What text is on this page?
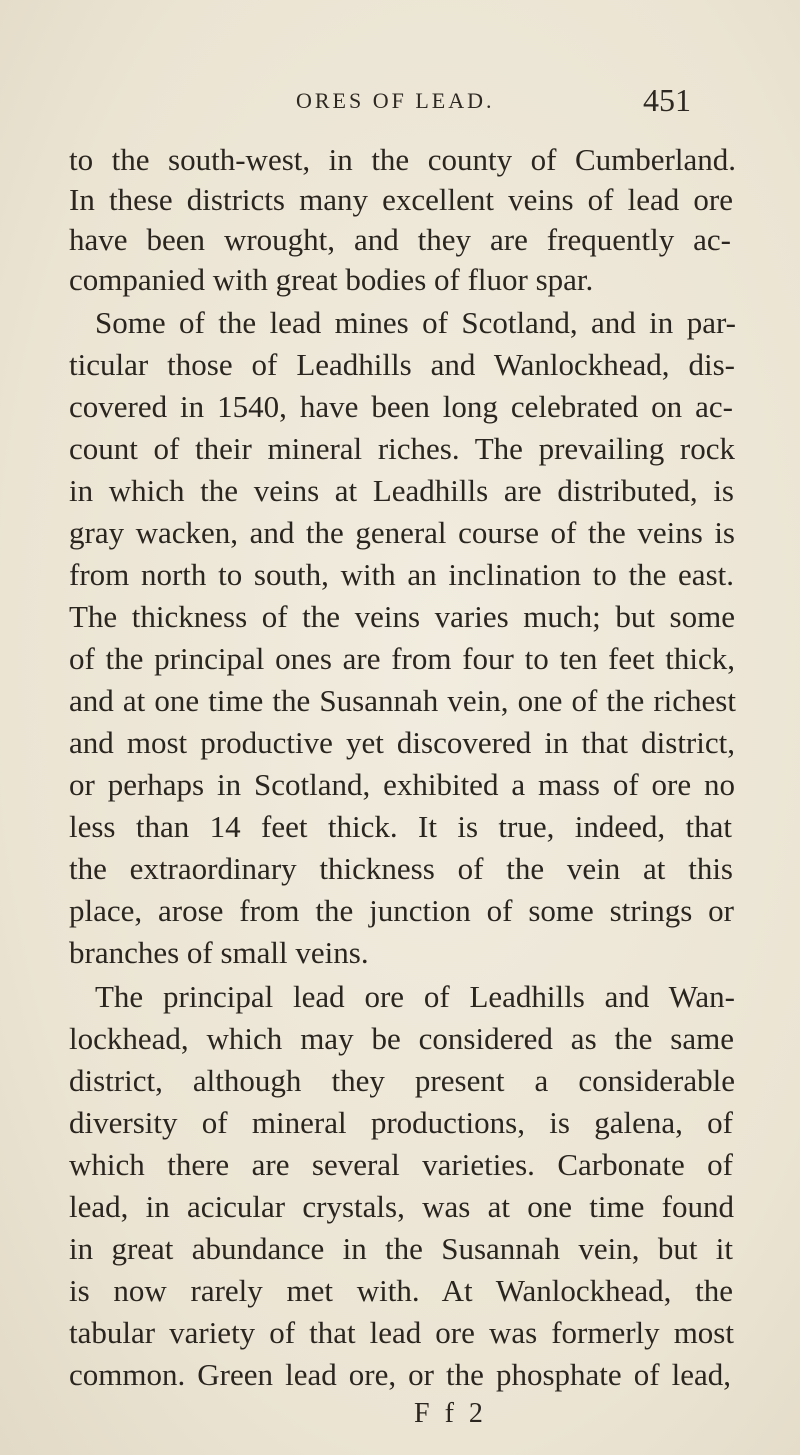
ORES OF LEAD.	451
to the south-west, in the county of Cumberland.
In these districts many excellent veins of lead ore
have been wrought, and they are frequently ac-
companied with great bodies of fluor spar.
Some of the lead mines of Scotland, and in par-
ticular those of Leadhills and Wanlockhead, dis-
covered in 1540, have been long celebrated on ac-
count of their mineral riches. The prevailing rock
in which the veins at Leadhills are distributed, is
gray wacken, and the general course of the veins is
from north to south, with an inclination to the east.
The thickness of the veins varies much; but some
of the principal ones are from four to ten feet thick,
and at one time the Susannah vein, one of the richest
and most productive yet discovered in that district,
or perhaps in Scotland, exhibited a mass of ore no
less than 14 feet thick. It is true, indeed, that
the extraordinary thickness of the vein at this
place, arose from the junction of some strings or
branches of small veins.
The principal lead ore of Leadhills and Wan-
lockhead, which may be considered as the same
district, although they present a considerable
diversity of mineral productions, is galena, of
which there are several varieties. Carbonate of
lead, in acicular crystals, was at one time found
in great abundance in the Susannah vein, but it
is now rarely met with. At Wanlockhead, the
tabular variety of that lead ore was formerly most
common. Green lead ore, or the phosphate of lead,
F f 2
